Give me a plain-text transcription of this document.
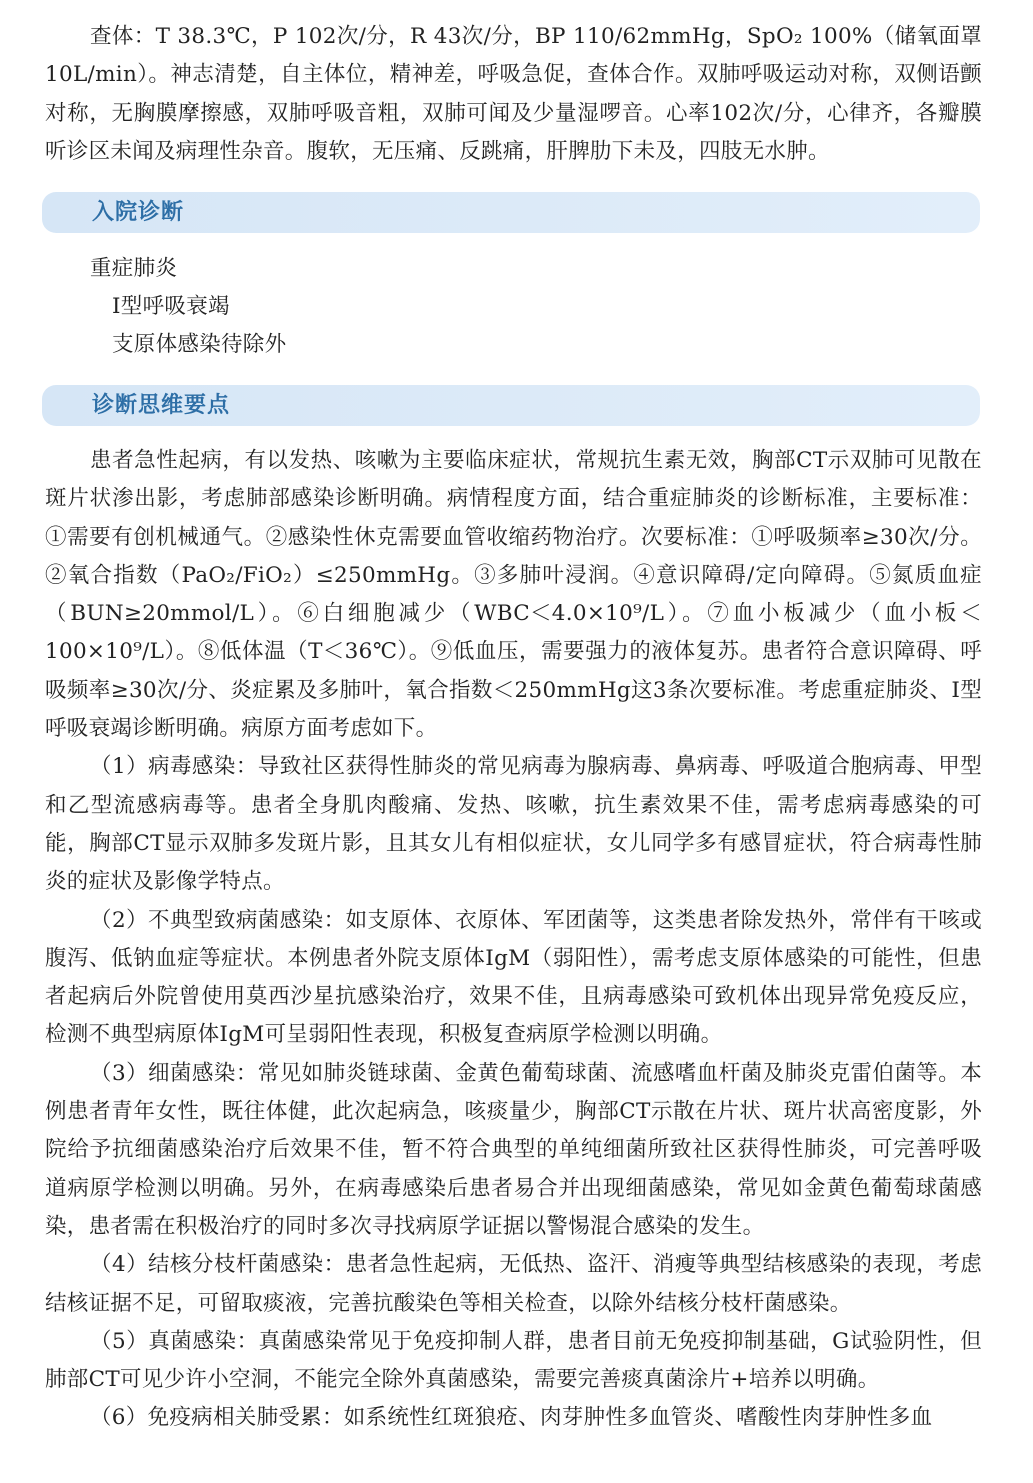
查体：T 38.3℃，P 102次/分，R 43次/分，BP 110/62mmHg，SpO₂ 100%（储氧面罩10L/min）。神志清楚，自主体位，精神差，呼吸急促，查体合作。双肺呼吸运动对称，双侧语颤对称，无胸膜摩擦感，双肺呼吸音粗，双肺可闻及少量湿啰音。心率102次/分，心律齐，各瓣膜听诊区未闻及病理性杂音。腹软，无压痛、反跳痛，肝脾肋下未及，四肢无水肿。

入院诊断
重症肺炎
Ⅰ型呼吸衰竭
支原体感染待除外
诊断思维要点

患者急性起病，有以发热、咳嗽为主要临床症状，常规抗生素无效，胸部CT示双肺可见散在斑片状渗出影，考虑肺部感染诊断明确。病情程度方面，结合重症肺炎的诊断标准，主要标准：①需要有创机械通气。②感染性休克需要血管收缩药物治疗。次要标准：①呼吸频率≥30次/分。②氧合指数（PaO₂/FiO₂）≤250mmHg。③多肺叶浸润。④意识障碍/定向障碍。⑤氮质血症（BUN≥20mmol/L）。⑥白细胞减少（WBC＜4.0×10⁹/L）。⑦血小板减少（血小板＜100×10⁹/L）。⑧低体温（T＜36℃）。⑨低血压，需要强力的液体复苏。患者符合意识障碍、呼吸频率≥30次/分、炎症累及多肺叶，氧合指数＜250mmHg这3条次要标准。考虑重症肺炎、Ⅰ型呼吸衰竭诊断明确。病原方面考虑如下。

（1）病毒感染：导致社区获得性肺炎的常见病毒为腺病毒、鼻病毒、呼吸道合胞病毒、甲型和乙型流感病毒等。患者全身肌肉酸痛、发热、咳嗽，抗生素效果不佳，需考虑病毒感染的可能，胸部CT显示双肺多发斑片影，且其女儿有相似症状，女儿同学多有感冒症状，符合病毒性肺炎的症状及影像学特点。

（2）不典型致病菌感染：如支原体、衣原体、军团菌等，这类患者除发热外，常伴有干咳或腹泻、低钠血症等症状。本例患者外院支原体IgM（弱阳性），需考虑支原体感染的可能性，但患者起病后外院曾使用莫西沙星抗感染治疗，效果不佳，且病毒感染可致机体出现异常免疫反应，检测不典型病原体IgM可呈弱阳性表现，积极复查病原学检测以明确。

（3）细菌感染：常见如肺炎链球菌、金黄色葡萄球菌、流感嗜血杆菌及肺炎克雷伯菌等。本例患者青年女性，既往体健，此次起病急，咳痰量少，胸部CT示散在片状、斑片状高密度影，外院给予抗细菌感染治疗后效果不佳，暂不符合典型的单纯细菌所致社区获得性肺炎，可完善呼吸道病原学检测以明确。另外，在病毒感染后患者易合并出现细菌感染，常见如金黄色葡萄球菌感染，患者需在积极治疗的同时多次寻找病原学证据以警惕混合感染的发生。

（4）结核分枝杆菌感染：患者急性起病，无低热、盗汗、消瘦等典型结核感染的表现，考虑结核证据不足，可留取痰液，完善抗酸染色等相关检查，以除外结核分枝杆菌感染。

（5）真菌感染：真菌感染常见于免疫抑制人群，患者目前无免疫抑制基础，G试验阴性，但肺部CT可见少许小空洞，不能完全除外真菌感染，需要完善痰真菌涂片+培养以明确。

（6）免疫病相关肺受累：如系统性红斑狼疮、肉芽肿性多血管炎、嗜酸性肉芽肿性多血
